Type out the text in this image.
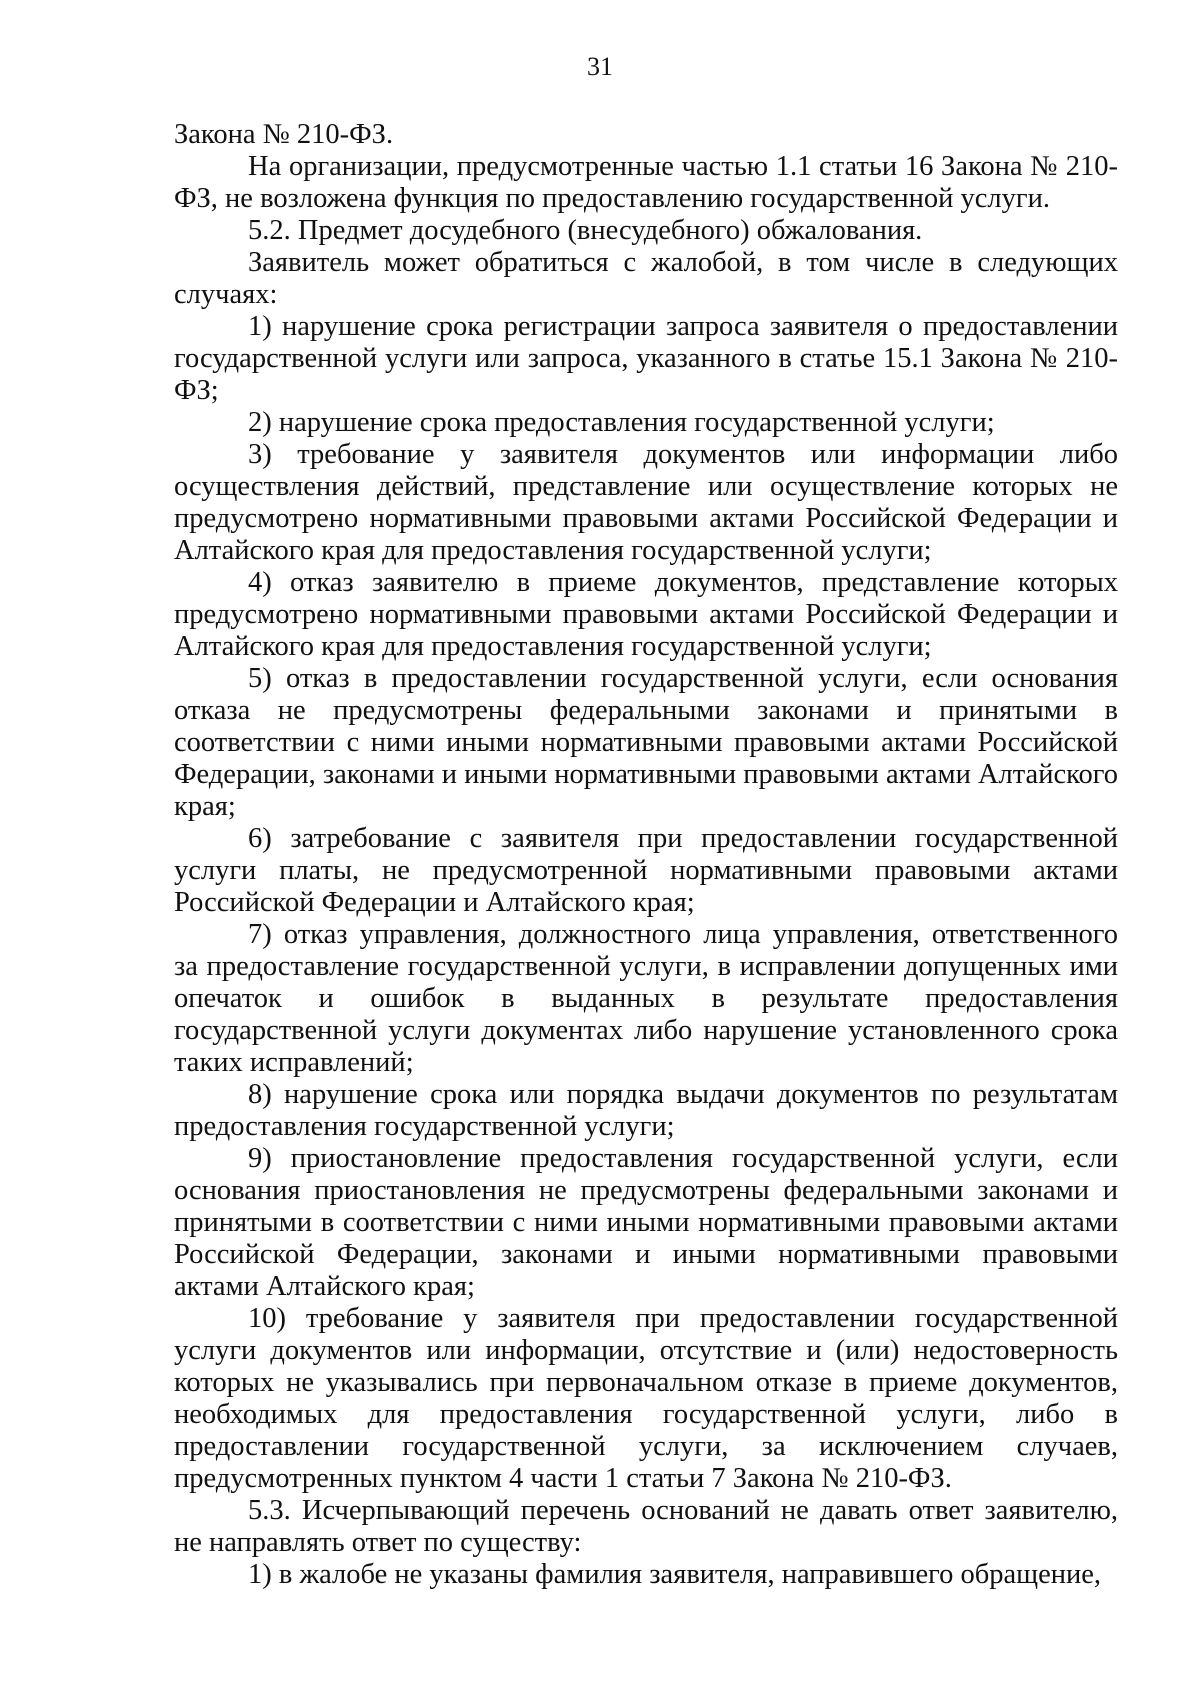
31

Закона № 210-ФЗ.

На организации, предусмотренные частью 1.1 статьи 16 Закона № 210-ФЗ, не возложена функция по предоставлению государственной услуги.

5.2. Предмет досудебного (внесудебного) обжалования.

Заявитель может обратиться с жалобой, в том числе в следующих случаях:

1) нарушение срока регистрации запроса заявителя о предоставлении государственной услуги или запроса, указанного в статье 15.1 Закона № 210-ФЗ;

2) нарушение срока предоставления государственной услуги;

3) требование у заявителя документов или информации либо осуществления действий, представление или осуществление которых не предусмотрено нормативными правовыми актами Российской Федерации и Алтайского края для предоставления государственной услуги;

4) отказ заявителю в приеме документов, представление которых предусмотрено нормативными правовыми актами Российской Федерации и Алтайского края для предоставления государственной услуги;

5) отказ в предоставлении государственной услуги, если основания отказа не предусмотрены федеральными законами и принятыми в соответствии с ними иными нормативными правовыми актами Российской Федерации, законами и иными нормативными правовыми актами Алтайского края;

6) затребование с заявителя при предоставлении государственной услуги платы, не предусмотренной нормативными правовыми актами Российской Федерации и Алтайского края;

7) отказ управления, должностного лица управления, ответственного за предоставление государственной услуги, в исправлении допущенных ими опечаток и ошибок в выданных в результате предоставления государственной услуги документах либо нарушение установленного срока таких исправлений;

8) нарушение срока или порядка выдачи документов по результатам предоставления государственной услуги;

9) приостановление предоставления государственной услуги, если основания приостановления не предусмотрены федеральными законами и принятыми в соответствии с ними иными нормативными правовыми актами Российской Федерации, законами и иными нормативными правовыми актами Алтайского края;

10) требование у заявителя при предоставлении государственной услуги документов или информации, отсутствие и (или) недостоверность которых не указывались при первоначальном отказе в приеме документов, необходимых для предоставления государственной услуги, либо в предоставлении государственной услуги, за исключением случаев, предусмотренных пунктом 4 части 1 статьи 7 Закона № 210-ФЗ.

5.3. Исчерпывающий перечень оснований не давать ответ заявителю, не направлять ответ по существу:

1) в жалобе не указаны фамилия заявителя, направившего обращение,
